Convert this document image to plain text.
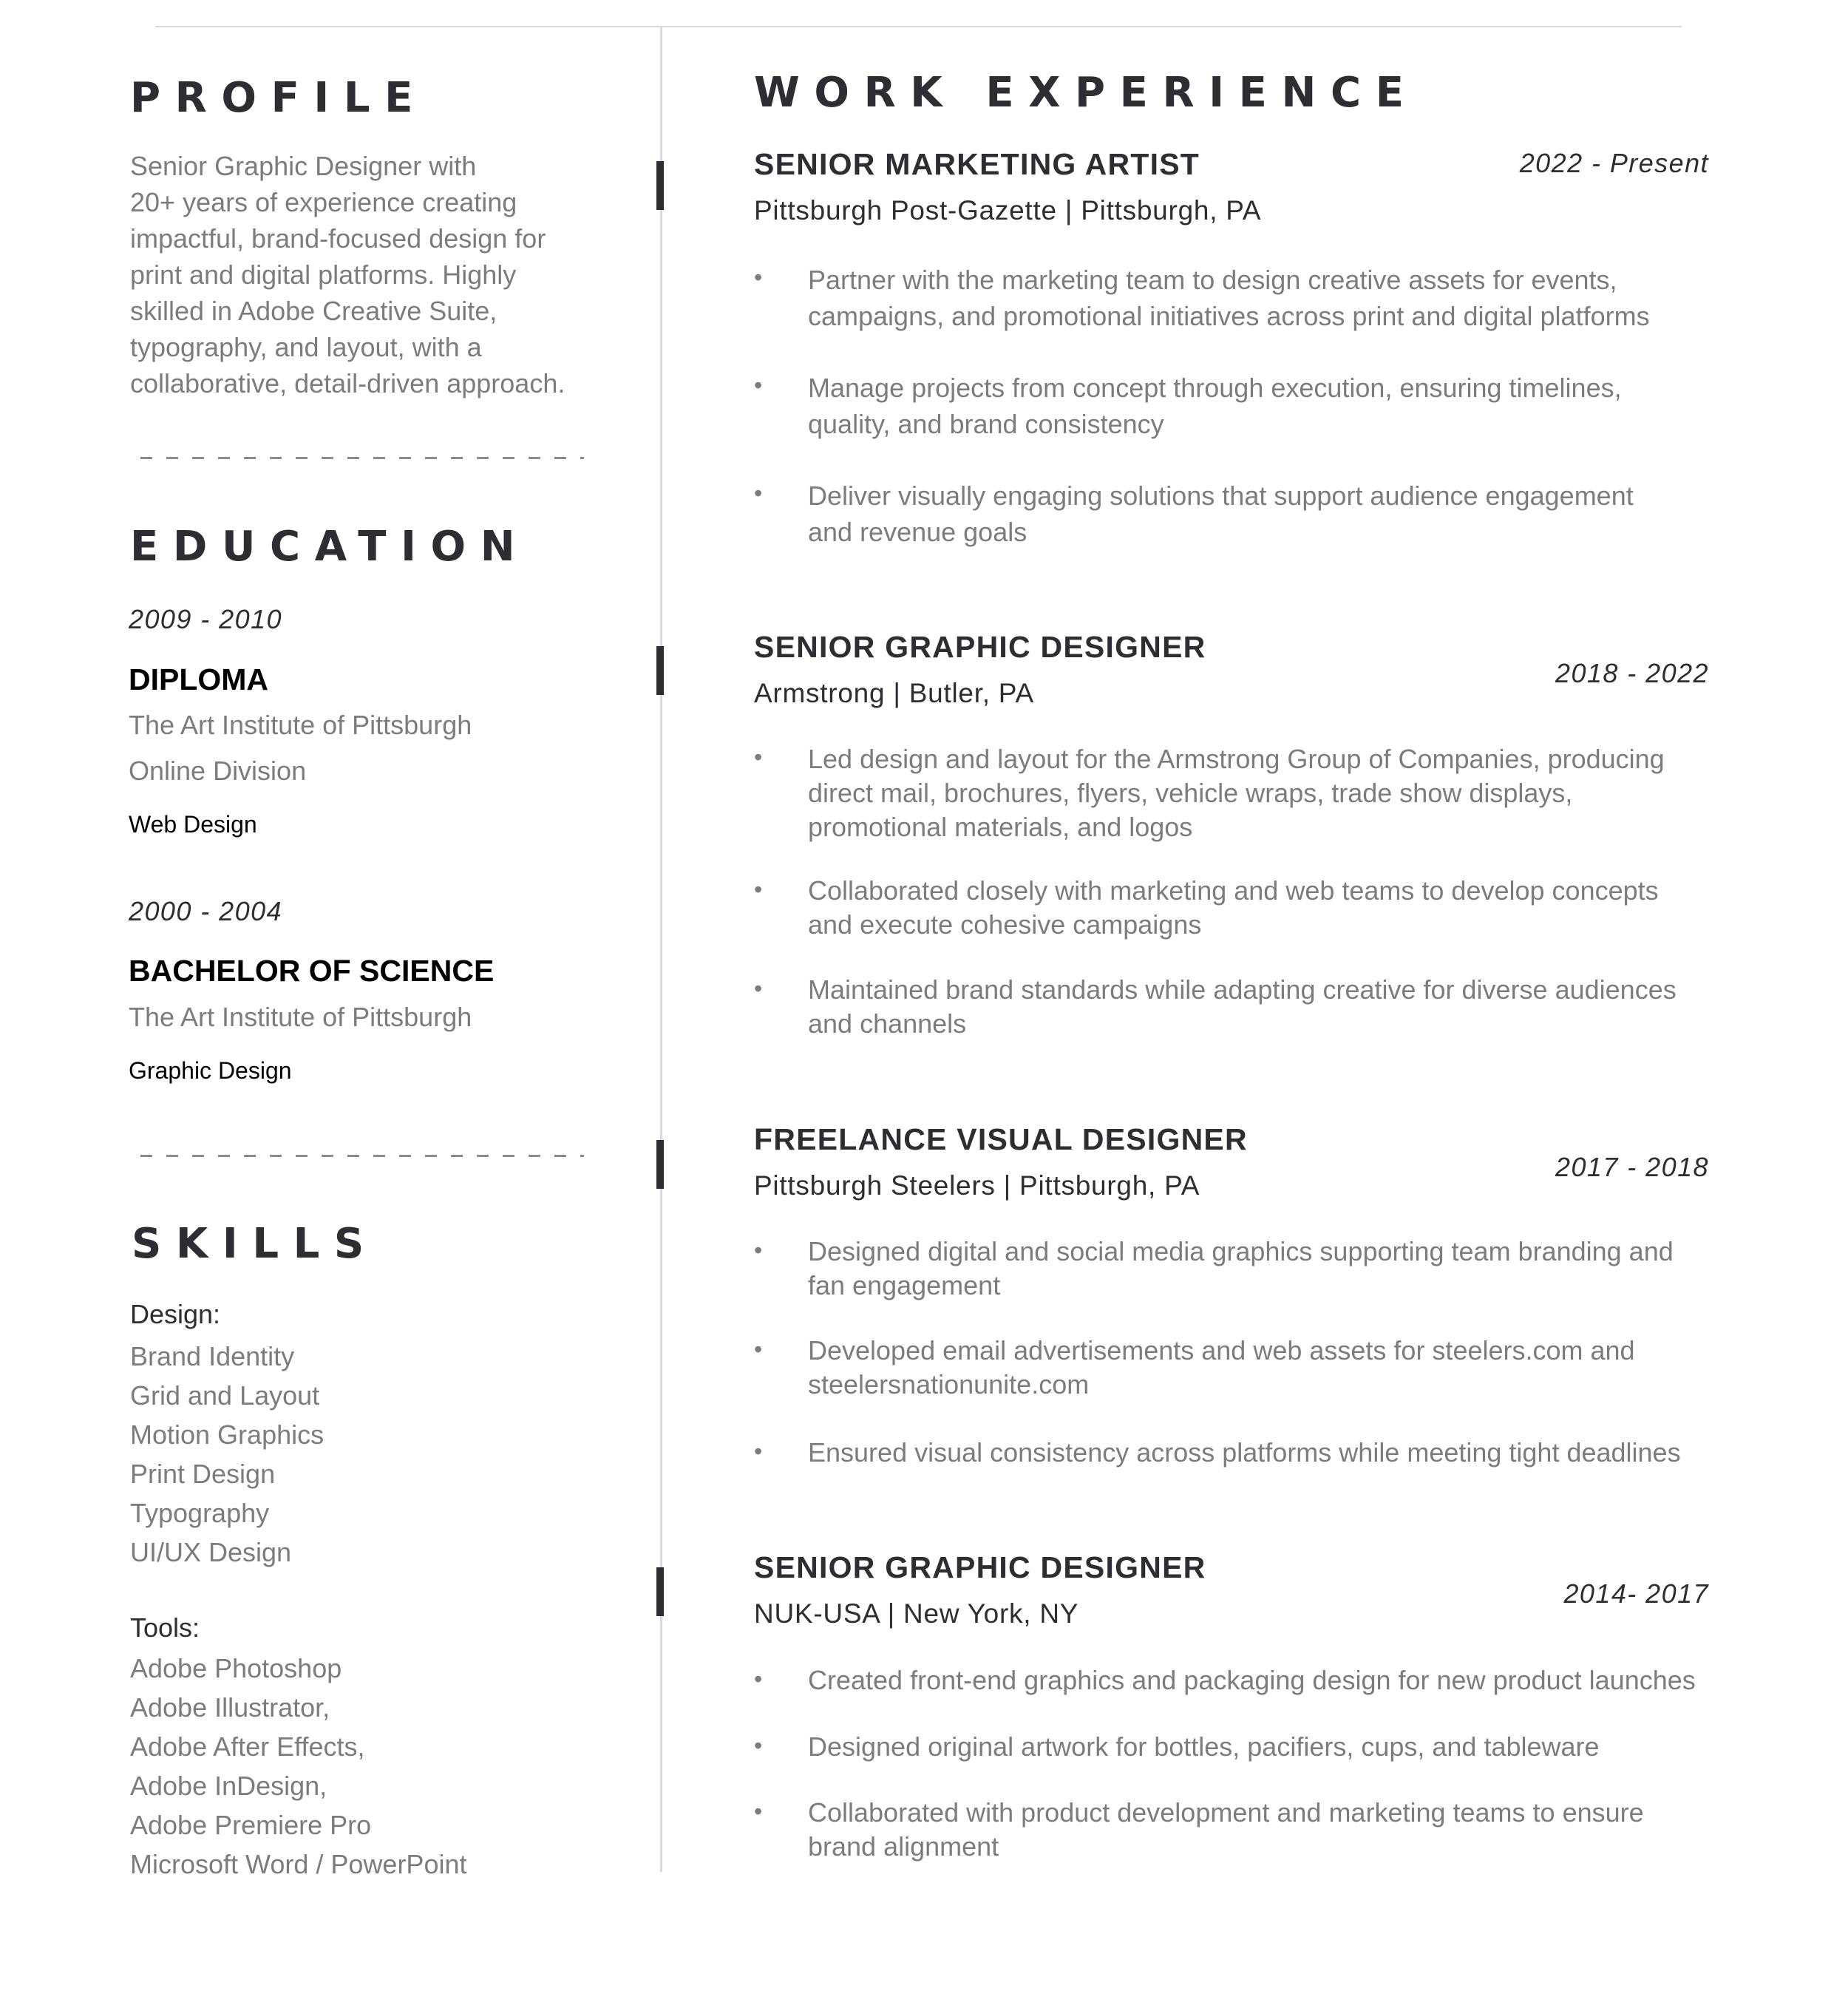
PROFILE
Senior Graphic Designer with
20+ years of experience creating
impactful, brand-focused design for
print and digital platforms. Highly
skilled in Adobe Creative Suite,
typography, and layout, with a
collaborative, detail-driven approach.
EDUCATION
2009 - 2010
DIPLOMA
The Art Institute of Pittsburgh
Online Division
Web Design
2000 - 2004
BACHELOR OF SCIENCE
The Art Institute of Pittsburgh
Graphic Design
SKILLS
Design:
Brand Identity
Grid and Layout
Motion Graphics
Print Design
Typography
UI/UX Design
Tools:
Adobe Photoshop
Adobe Illustrator,
Adobe After Effects,
Adobe InDesign,
Adobe Premiere Pro
Microsoft Word / PowerPoint
WORK EXPERIENCE
SENIOR MARKETING ARTIST	2022 - Present
Pittsburgh Post-Gazette | Pittsburgh, PA
• Partner with the marketing team to design creative assets for events,
campaigns, and promotional initiatives across print and digital platforms
• Manage projects from concept through execution, ensuring timelines,
quality, and brand consistency
• Deliver visually engaging solutions that support audience engagement
and revenue goals
SENIOR GRAPHIC DESIGNER
2018 - 2022
Armstrong | Butler, PA
• Led design and layout for the Armstrong Group of Companies, producing
direct mail, brochures, flyers, vehicle wraps, trade show displays,
promotional materials, and logos
• Collaborated closely with marketing and web teams to develop concepts
and execute cohesive campaigns
• Maintained brand standards while adapting creative for diverse audiences
and channels
FREELANCE VISUAL DESIGNER
2017 - 2018
Pittsburgh Steelers | Pittsburgh, PA
• Designed digital and social media graphics supporting team branding and
fan engagement
• Developed email advertisements and web assets for steelers.com and
steelersnationunite.com
• Ensured visual consistency across platforms while meeting tight deadlines
SENIOR GRAPHIC DESIGNER
2014- 2017
NUK-USA | New York, NY
• Created front-end graphics and packaging design for new product launches
• Designed original artwork for bottles, pacifiers, cups, and tableware
• Collaborated with product development and marketing teams to ensure
brand alignment
